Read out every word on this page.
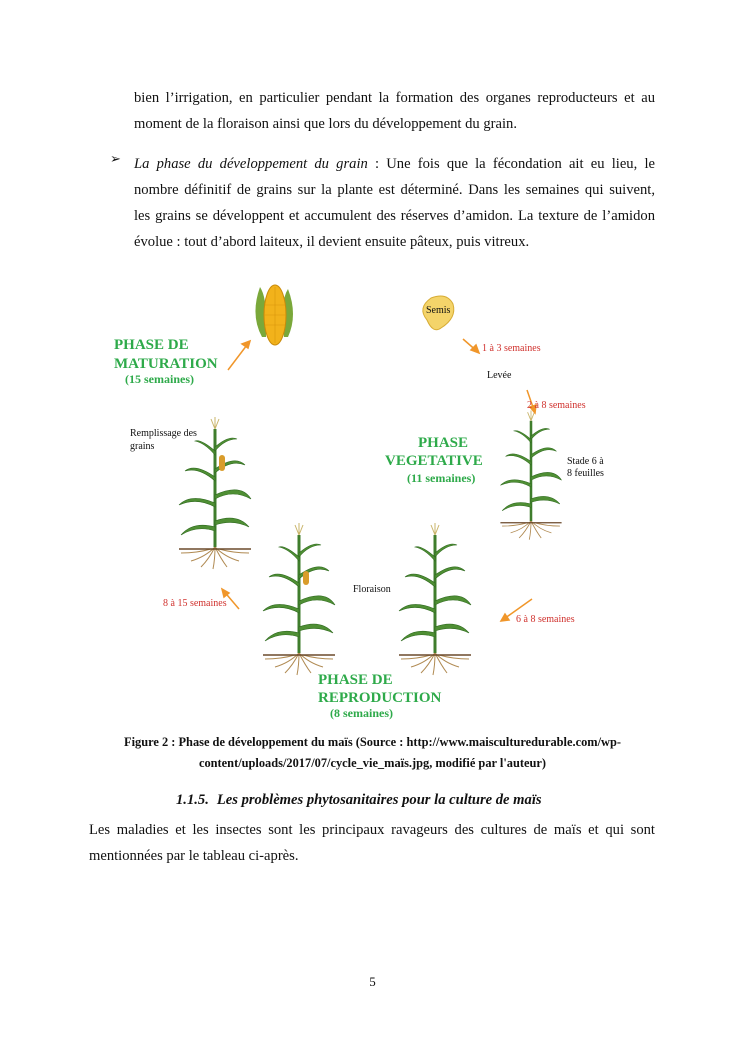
bien l’irrigation, en particulier pendant la formation des organes reproducteurs et au
moment de la floraison ainsi que lors du développement du grain.
➢ La phase du développement du grain : Une fois que la fécondation ait eu lieu, le
nombre définitif de grains sur la plante est déterminé. Dans les semaines qui suivent,
les grains se développent et accumulent des réserves d’amidon. La texture de l’amidon
évolue : tout d’abord laiteux, il devient ensuite pâteux, puis vitreux.
PHASE DE
MATURATION
(15 semaines)
PHASE
VEGETATIVE
(11 semaines)
PHASE DE
REPRODUCTION
(8 semaines)
Semis
Levée
Stade 6 à
8 feuilles
Floraison
Remplissage des
grains
1 à 3 semaines
2 à 8 semaines
6 à 8 semaines
8 à 15 semaines
Figure 2 : Phase de développement du maïs (Source : http://www.maisculturedurable.com/wp-
content/uploads/2017/07/cycle_vie_maïs.jpg, modifié par l'auteur)
1.1.5. Les problèmes phytosanitaires pour la culture de maïs
Les maladies et les insectes sont les principaux ravageurs des cultures de maïs et qui sont
mentionnées par le tableau ci-après.
5
